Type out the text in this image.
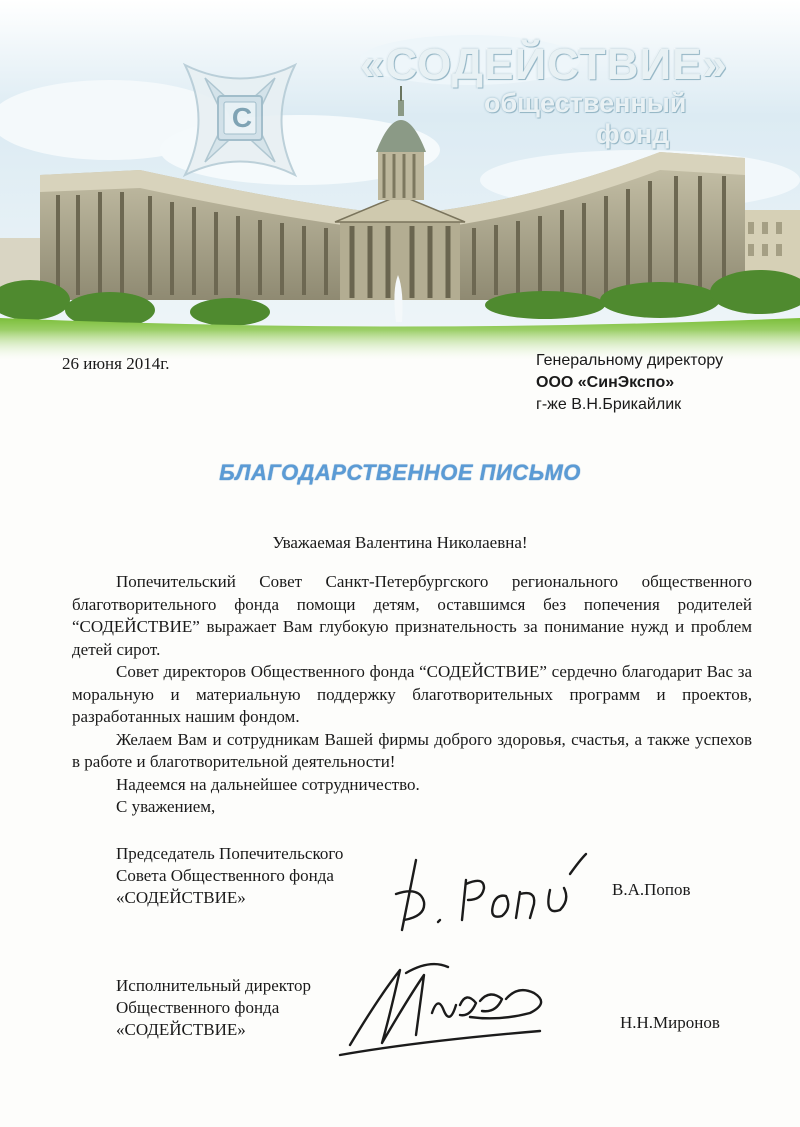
С
«СОДЕЙСТВИЕ»
общественный
фонд
26 июня 2014г.	Генеральному директору
ООО «СинЭкспо»
г-же В.Н.Брикайлик
БЛАГОДАРСТВЕННОЕ ПИСЬМО
Уважаемая Валентина Николаевна!

Попечительский Совет Санкт-Петербургского регионального общественного благотворительного фонда помощи детям, оставшимся без попечения родителей “СОДЕЙСТВИЕ” выражает Вам глубокую признательность за понимание нужд и проблем детей сирот.

Совет директоров Общественного фонда “СОДЕЙСТВИЕ” сердечно благодарит Вас за моральную и материальную поддержку благотворительных программ и проектов, разработанных нашим фондом.

Желаем Вам и сотрудникам Вашей фирмы доброго здоровья, счастья, а также успехов в работе и благотворительной деятельности!

Надеемся на дальнейшее сотрудничество.

С уважением,

Председатель Попечительского
Совета Общественного фонда
«СОДЕЙСТВИЕ»	В.А.Попов
Исполнительный директор
Общественного фонда
«СОДЕЙСТВИЕ»	Н.Н.Миронов
